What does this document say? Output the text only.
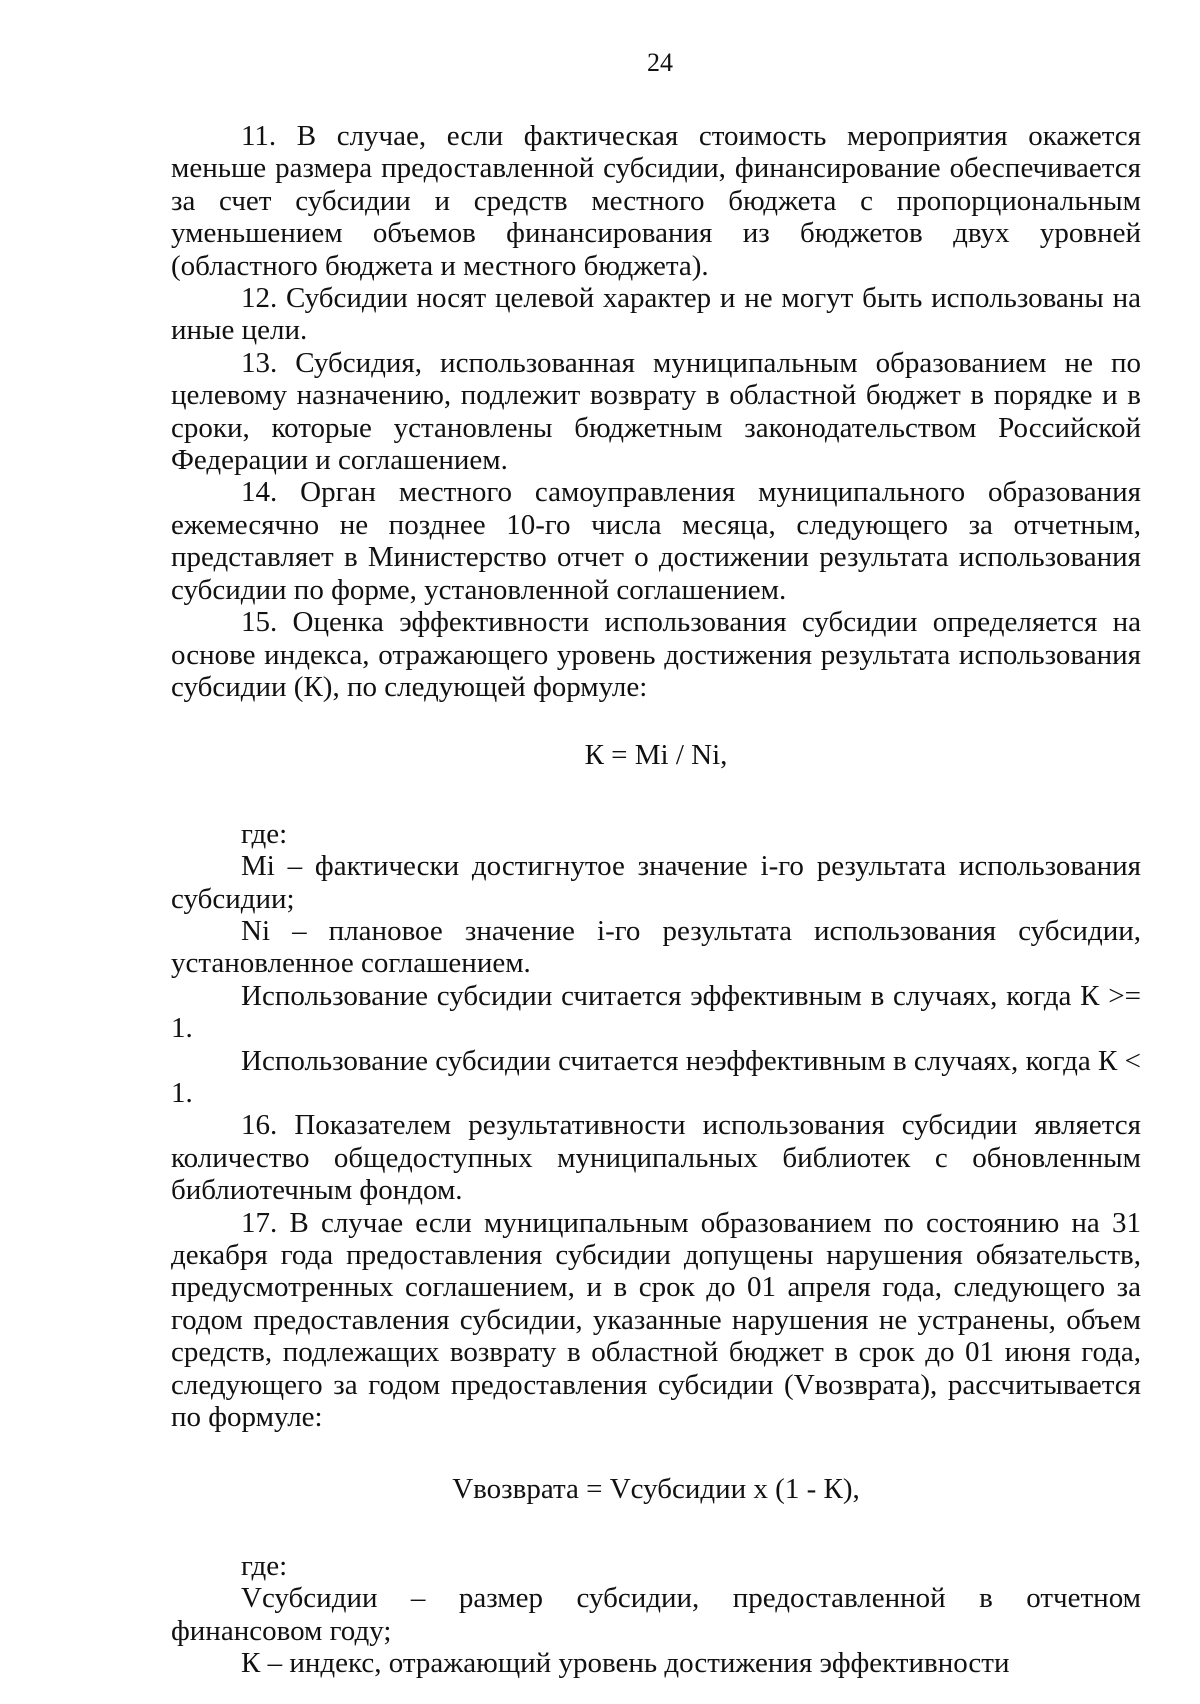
24

11. В случае, если фактическая стоимость мероприятия окажется меньше размера предоставленной субсидии, финансирование обеспечивается за счет субсидии и средств местного бюджета с пропорциональным уменьшением объемов финансирования из бюджетов двух уровней (областного бюджета и местного бюджета).

12. Субсидии носят целевой характер и не могут быть использованы на иные цели.

13. Субсидия, использованная муниципальным образованием не по целевому назначению, подлежит возврату в областной бюджет в порядке и в сроки, которые установлены бюджетным законодательством Российской Федерации и соглашением.

14. Орган местного самоуправления муниципального образования ежемесячно не позднее 10-го числа месяца, следующего за отчетным, представляет в Министерство отчет о достижении результата использования субсидии по форме, установленной соглашением.

15. Оценка эффективности использования субсидии определяется на основе индекса, отражающего уровень достижения результата использования субсидии (К), по следующей формуле:

К = Mi / Ni,

где:

Mi – фактически достигнутое значение i-го результата использования субсидии;

Ni – плановое значение i-го результата использования субсидии, установленное соглашением.

Использование субсидии считается эффективным в случаях, когда К >= 1.

Использование субсидии считается неэффективным в случаях, когда К < 1.

16. Показателем результативности использования субсидии является количество общедоступных муниципальных библиотек с обновленным библиотечным фондом.

17. В случае если муниципальным образованием по состоянию на 31 декабря года предоставления субсидии допущены нарушения обязательств, предусмотренных соглашением, и в срок до 01 апреля года, следующего за годом предоставления субсидии, указанные нарушения не устранены, объем средств, подлежащих возврату в областной бюджет в срок до 01 июня года, следующего за годом предоставления субсидии (Vвозврата), рассчитывается по формуле:

Vвозврата = Vсубсидии х (1 - К),

где:

Vсубсидии – размер субсидии, предоставленной в отчетном финансовом году;

К – индекс, отражающий уровень достижения эффективности
